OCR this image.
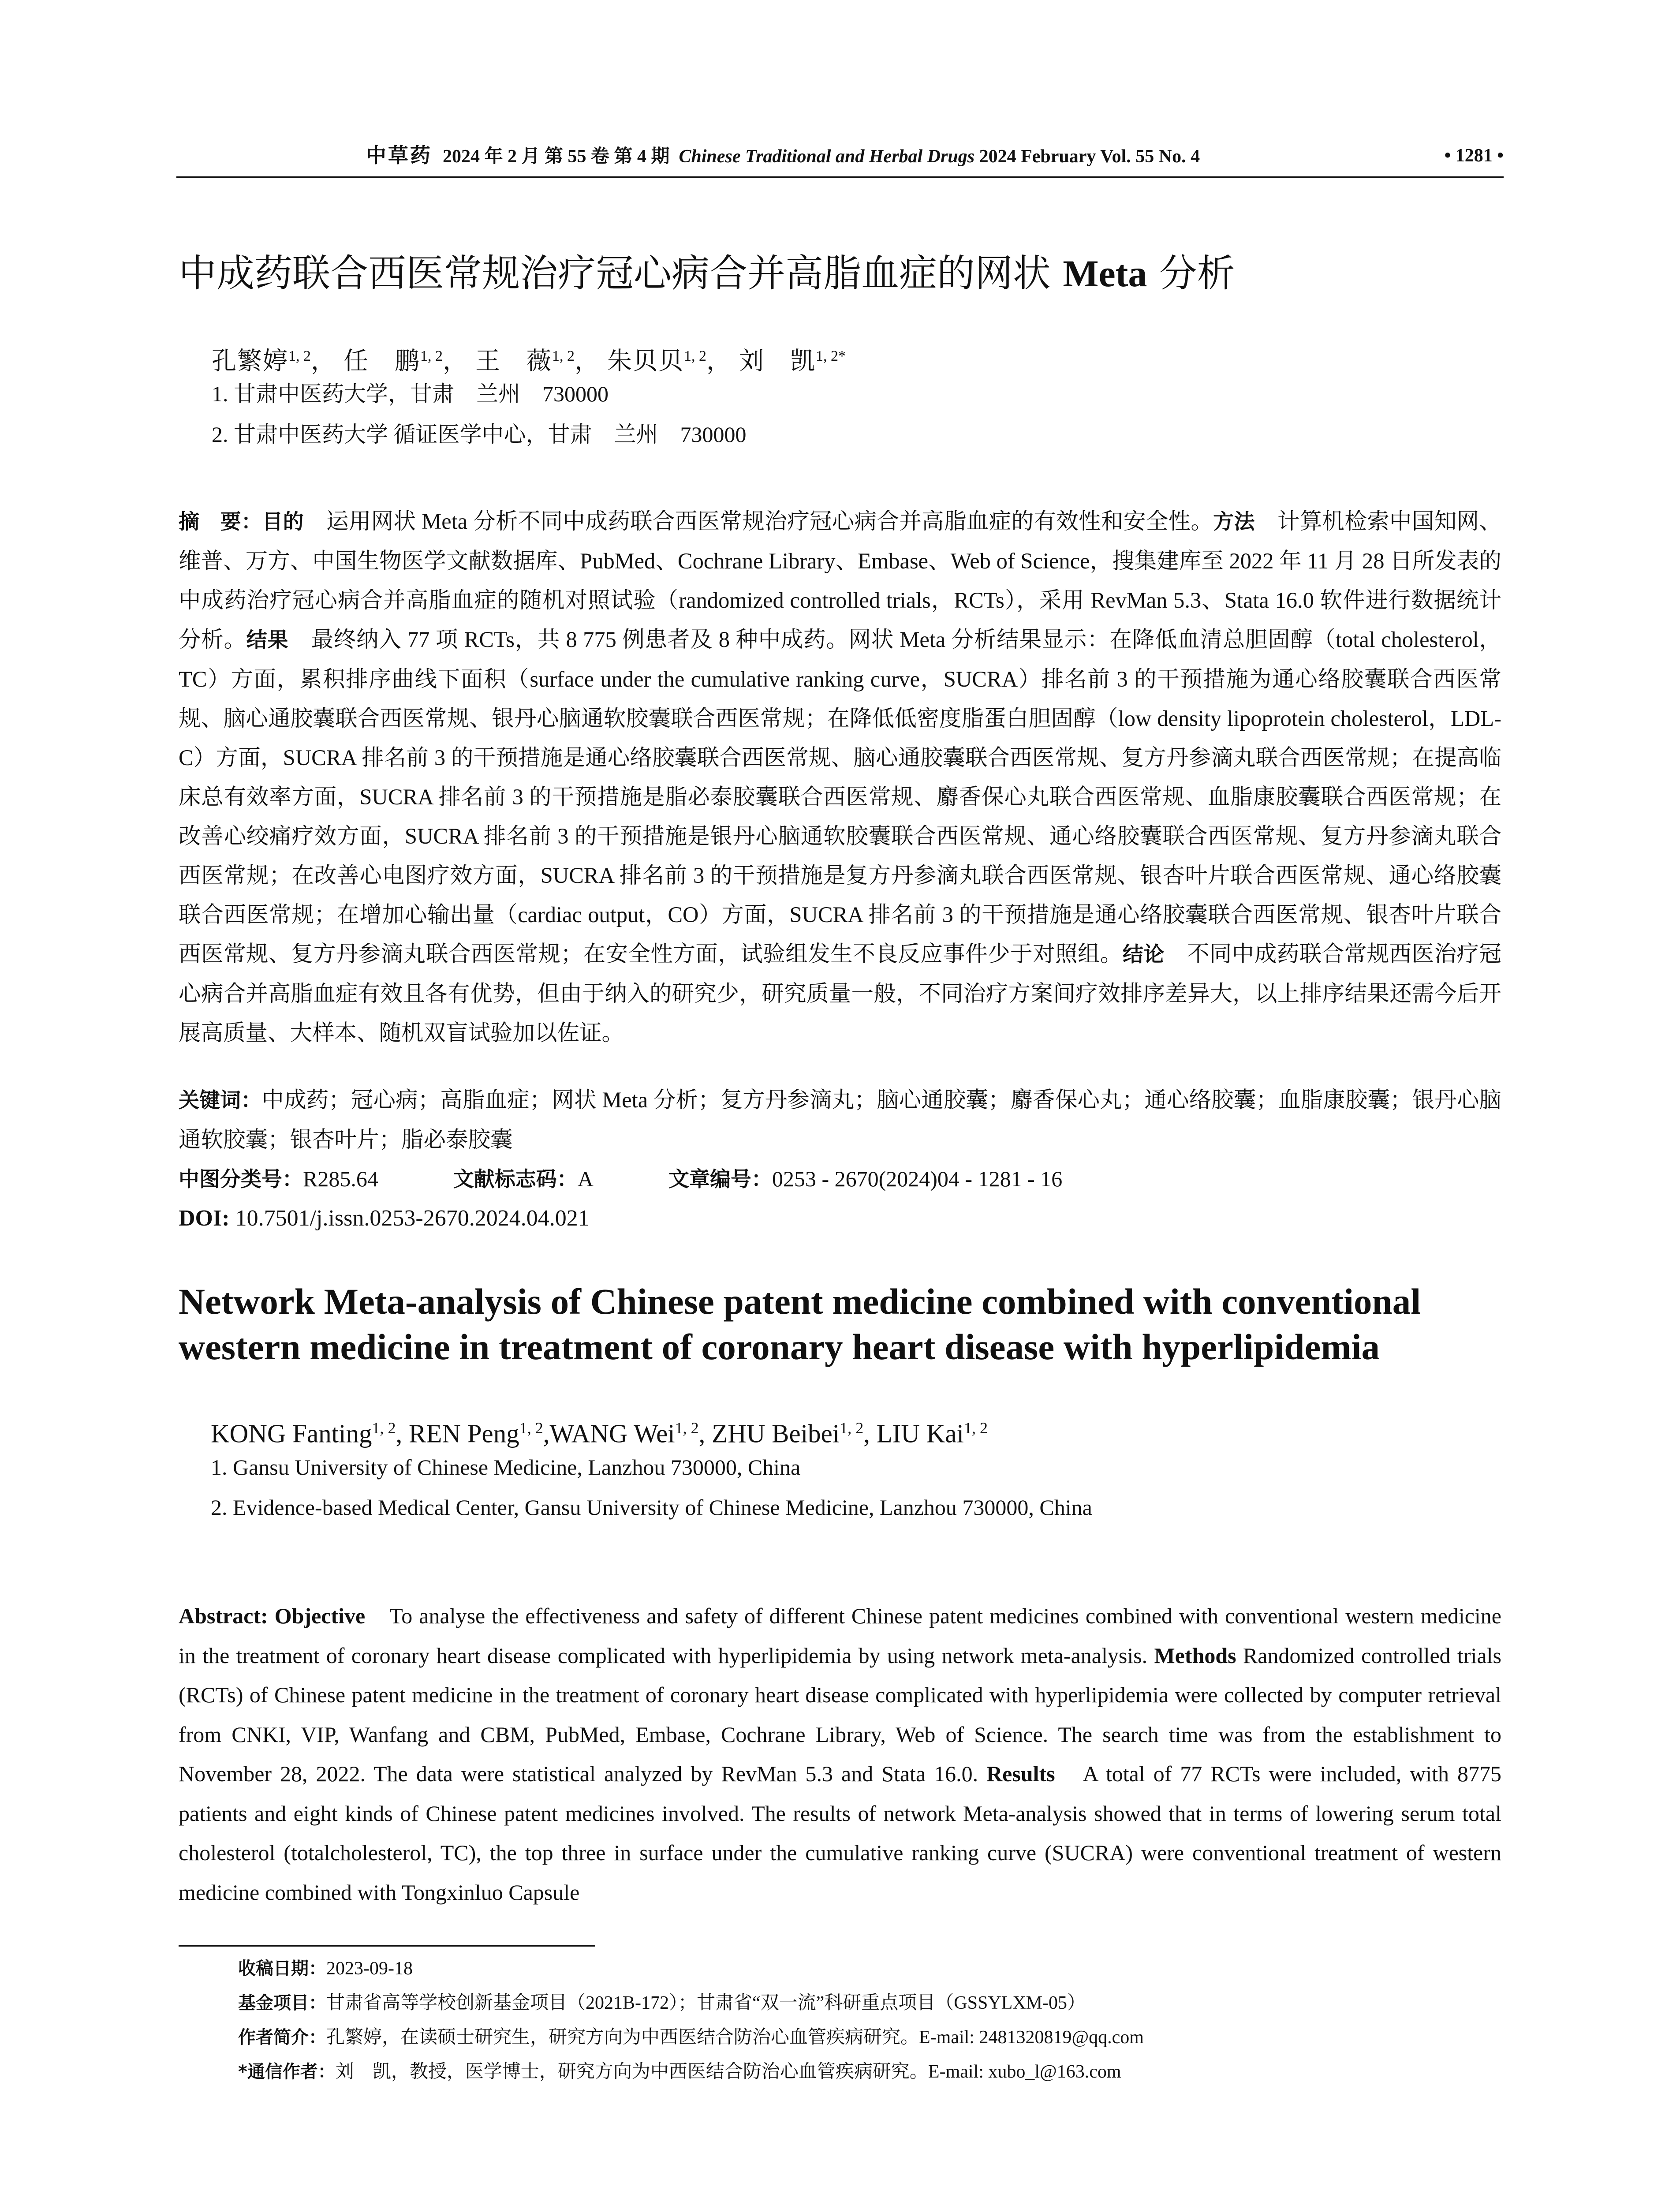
中草药 2024 年 2 月 第 55 卷 第 4 期 Chinese Traditional and Herbal Drugs 2024 February Vol. 55 No. 4	• 1281 •
中成药联合西医常规治疗冠心病合并高脂血症的网状 Meta 分析
孔繁婷$^{1, 2}$， 任　鹏$^{1, 2}$， 王　薇$^{1, 2}$， 朱贝贝$^{1, 2}$， 刘　凯$^{1, 2*}$
1. 甘肃中医药大学，甘肃　兰州　730000
2. 甘肃中医药大学 循证医学中心，甘肃　兰州　730000
摘　要：目的　运用网状 Meta 分析不同中成药联合西医常规治疗冠心病合并高脂血症的有效性和安全性。方法　计算机检索中国知网、维普、万方、中国生物医学文献数据库、PubMed、Cochrane Library、Embase、Web of Science，搜集建库至 2022 年 11 月 28 日所发表的中成药治疗冠心病合并高脂血症的随机对照试验（randomized controlled trials，RCTs），采用 RevMan 5.3、Stata 16.0 软件进行数据统计分析。结果　最终纳入 77 项 RCTs，共 8 775 例患者及 8 种中成药。网状 Meta 分析结果显示：在降低血清总胆固醇（total cholesterol，TC）方面，累积排序曲线下面积（surface under the cumulative ranking curve，SUCRA）排名前 3 的干预措施为通心络胶囊联合西医常规、脑心通胶囊联合西医常规、银丹心脑通软胶囊联合西医常规；在降低低密度脂蛋白胆固醇（low density lipoprotein cholesterol，LDL-C）方面，SUCRA 排名前 3 的干预措施是通心络胶囊联合西医常规、脑心通胶囊联合西医常规、复方丹参滴丸联合西医常规；在提高临床总有效率方面，SUCRA 排名前 3 的干预措施是脂必泰胶囊联合西医常规、麝香保心丸联合西医常规、血脂康胶囊联合西医常规；在改善心绞痛疗效方面，SUCRA 排名前 3 的干预措施是银丹心脑通软胶囊联合西医常规、通心络胶囊联合西医常规、复方丹参滴丸联合西医常规；在改善心电图疗效方面，SUCRA 排名前 3 的干预措施是复方丹参滴丸联合西医常规、银杏叶片联合西医常规、通心络胶囊联合西医常规；在增加心输出量（cardiac output，CO）方面，SUCRA 排名前 3 的干预措施是通心络胶囊联合西医常规、银杏叶片联合西医常规、复方丹参滴丸联合西医常规；在安全性方面，试验组发生不良反应事件少于对照组。结论　不同中成药联合常规西医治疗冠心病合并高脂血症有效且各有优势，但由于纳入的研究少，研究质量一般，不同治疗方案间疗效排序差异大，以上排序结果还需今后开展高质量、大样本、随机双盲试验加以佐证。
关键词：中成药；冠心病；高脂血症；网状 Meta 分析；复方丹参滴丸；脑心通胶囊；麝香保心丸；通心络胶囊；血脂康胶囊；银丹心脑通软胶囊；银杏叶片；脂必泰胶囊
中图分类号：R285.64	文献标志码：A	文章编号：0253 - 2670(2024)04 - 1281 - 16
DOI: 10.7501/j.issn.0253-2670.2024.04.021
Network Meta-analysis of Chinese patent medicine combined with conventional western medicine in treatment of coronary heart disease with hyperlipidemia
KONG Fanting$^{1, 2}$, REN Peng$^{1, 2}$,WANG Wei$^{1, 2}$, ZHU Beibei$^{1, 2}$, LIU Kai$^{1, 2}$
1. Gansu University of Chinese Medicine, Lanzhou 730000, China
2. Evidence-based Medical Center, Gansu University of Chinese Medicine, Lanzhou 730000, China
Abstract: Objective　To analyse the effectiveness and safety of different Chinese patent medicines combined with conventional western medicine in the treatment of coronary heart disease complicated with hyperlipidemia by using network meta-analysis. Methods Randomized controlled trials (RCTs) of Chinese patent medicine in the treatment of coronary heart disease complicated with hyperlipidemia were collected by computer retrieval from CNKI, VIP, Wanfang and CBM, PubMed, Embase, Cochrane Library, Web of Science. The search time was from the establishment to November 28, 2022. The data were statistical analyzed by RevMan 5.3 and Stata 16.0. Results　A total of 77 RCTs were included, with 8775 patients and eight kinds of Chinese patent medicines involved. The results of network Meta-analysis showed that in terms of lowering serum total cholesterol (totalcholesterol, TC), the top three in surface under the cumulative ranking curve (SUCRA) were conventional treatment of western medicine combined with Tongxinluo Capsule
收稿日期：2023-09-18
基金项目：甘肃省高等学校创新基金项目（2021B-172）；甘肃省“双一流”科研重点项目（GSSYLXM-05）
作者简介：孔繁婷，在读硕士研究生，研究方向为中西医结合防治心血管疾病研究。E-mail: 2481320819@qq.com
*通信作者：刘　凯，教授，医学博士，研究方向为中西医结合防治心血管疾病研究。E-mail: xubo_l@163.com
